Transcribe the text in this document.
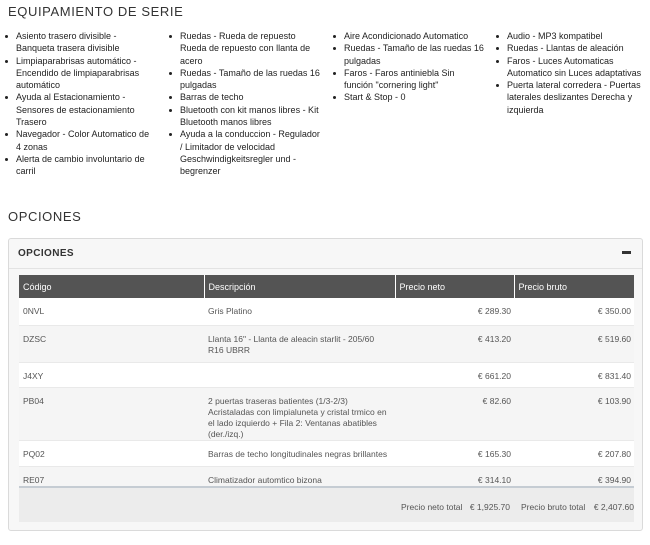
EQUIPAMIENTO DE SERIE
Asiento trasero divisible - Banqueta trasera divisible
Limpiaparabrisas automático - Encendido de limpiaparabrisas automático
Ayuda al Estacionamiento - Sensores de estacionamiento Trasero
Navegador - Color Automatico de 4 zonas
Alerta de cambio involuntario de carril
Ruedas - Rueda de repuesto Rueda de repuesto con llanta de acero
Ruedas - Tamaño de las ruedas 16 pulgadas
Barras de techo
Bluetooth con kit manos libres - Kit Bluetooth manos libres
Ayuda a la conduccion - Regulador / Limitador de velocidad Geschwindigkeitsregler und -begrenzer
Aire Acondicionado Automatico
Ruedas - Tamaño de las ruedas 16 pulgadas
Faros - Faros antiniebla Sin función "cornering light"
Start & Stop - 0
Audio - MP3 kompatibel
Ruedas - Llantas de aleación
Faros - Luces Automaticas Automatico sin Luces adaptativas
Puerta lateral corredera - Puertas laterales deslizantes Derecha y izquierda
OPCIONES
OPCIONES
Código	Descripción	Precio neto	Precio bruto
0NVL	Gris Platino	€ 289.30	€ 350.00
DZSC	Llanta 16" - Llanta de aleacin starlit - 205/60 R16 UBRR	€ 413.20	€ 519.60
J4XY		€ 661.20	€ 831.40
PB04	2 puertas traseras batientes (1/3-2/3) Acristaladas con limpialuneta y cristal trmico en el lado izquierdo + Fila 2: Ventanas abatibles (der./izq.)	€ 82.60	€ 103.90
PQ02	Barras de techo longitudinales negras brillantes	€ 165.30	€ 207.80
RE07	Climatizador automtico bizona	€ 314.10	€ 394.90
Precio neto total € 1,925.70 Precio bruto total € 2,407.60
